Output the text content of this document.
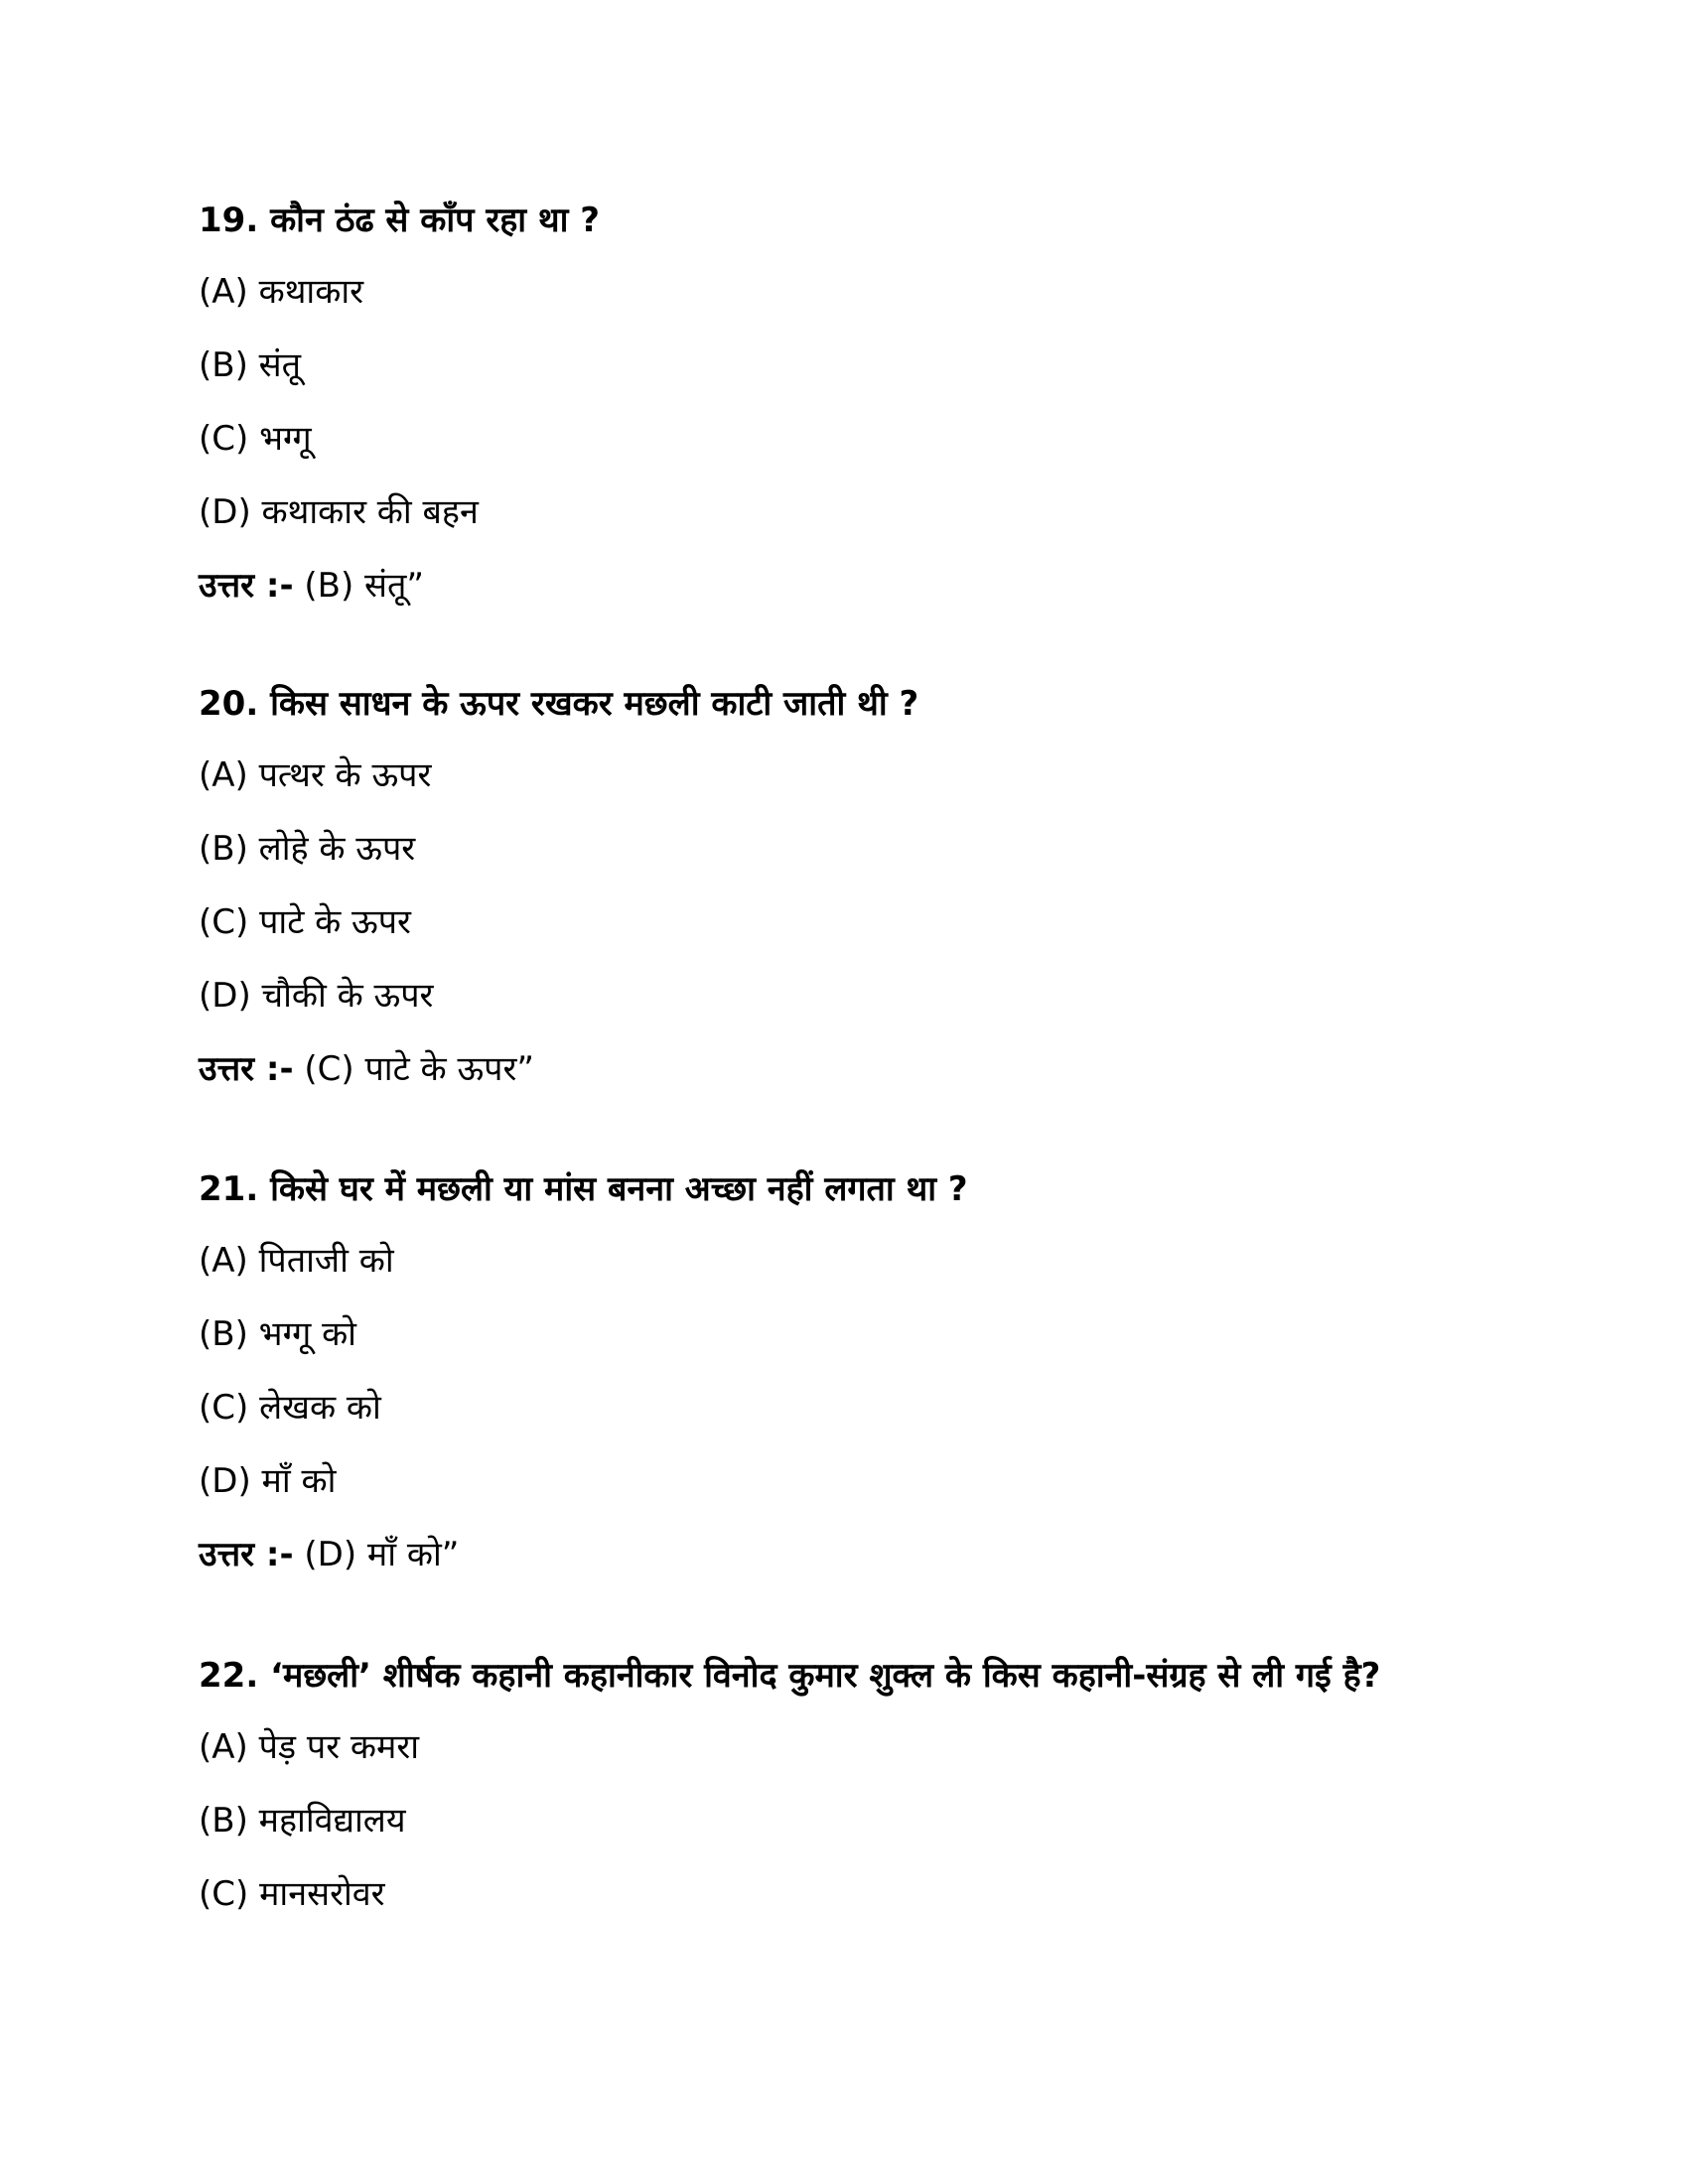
19. कौन ठंढ से काँप रहा था ?

(A) कथाकार

(B) संतू

(C) भग्गू

(D) कथाकार की बहन

उत्तर :- (B) संतू”

20. किस साधन के ऊपर रखकर मछली काटी जाती थी ?

(A) पत्थर के ऊपर

(B) लोहे के ऊपर

(C) पाटे के ऊपर

(D) चौकी के ऊपर

उत्तर :- (C) पाटे के ऊपर”

21. किसे घर में मछली या मांस बनना अच्छा नहीं लगता था ?

(A) पिताजी को

(B) भग्गू को

(C) लेखक को

(D) माँ को

उत्तर :- (D) माँ को”

22. ‘मछली’ शीर्षक कहानी कहानीकार विनोद कुमार शुक्ल के किस कहानी-संग्रह से ली गई है?

(A) पेड़ पर कमरा

(B) महाविद्यालय

(C) मानसरोवर
